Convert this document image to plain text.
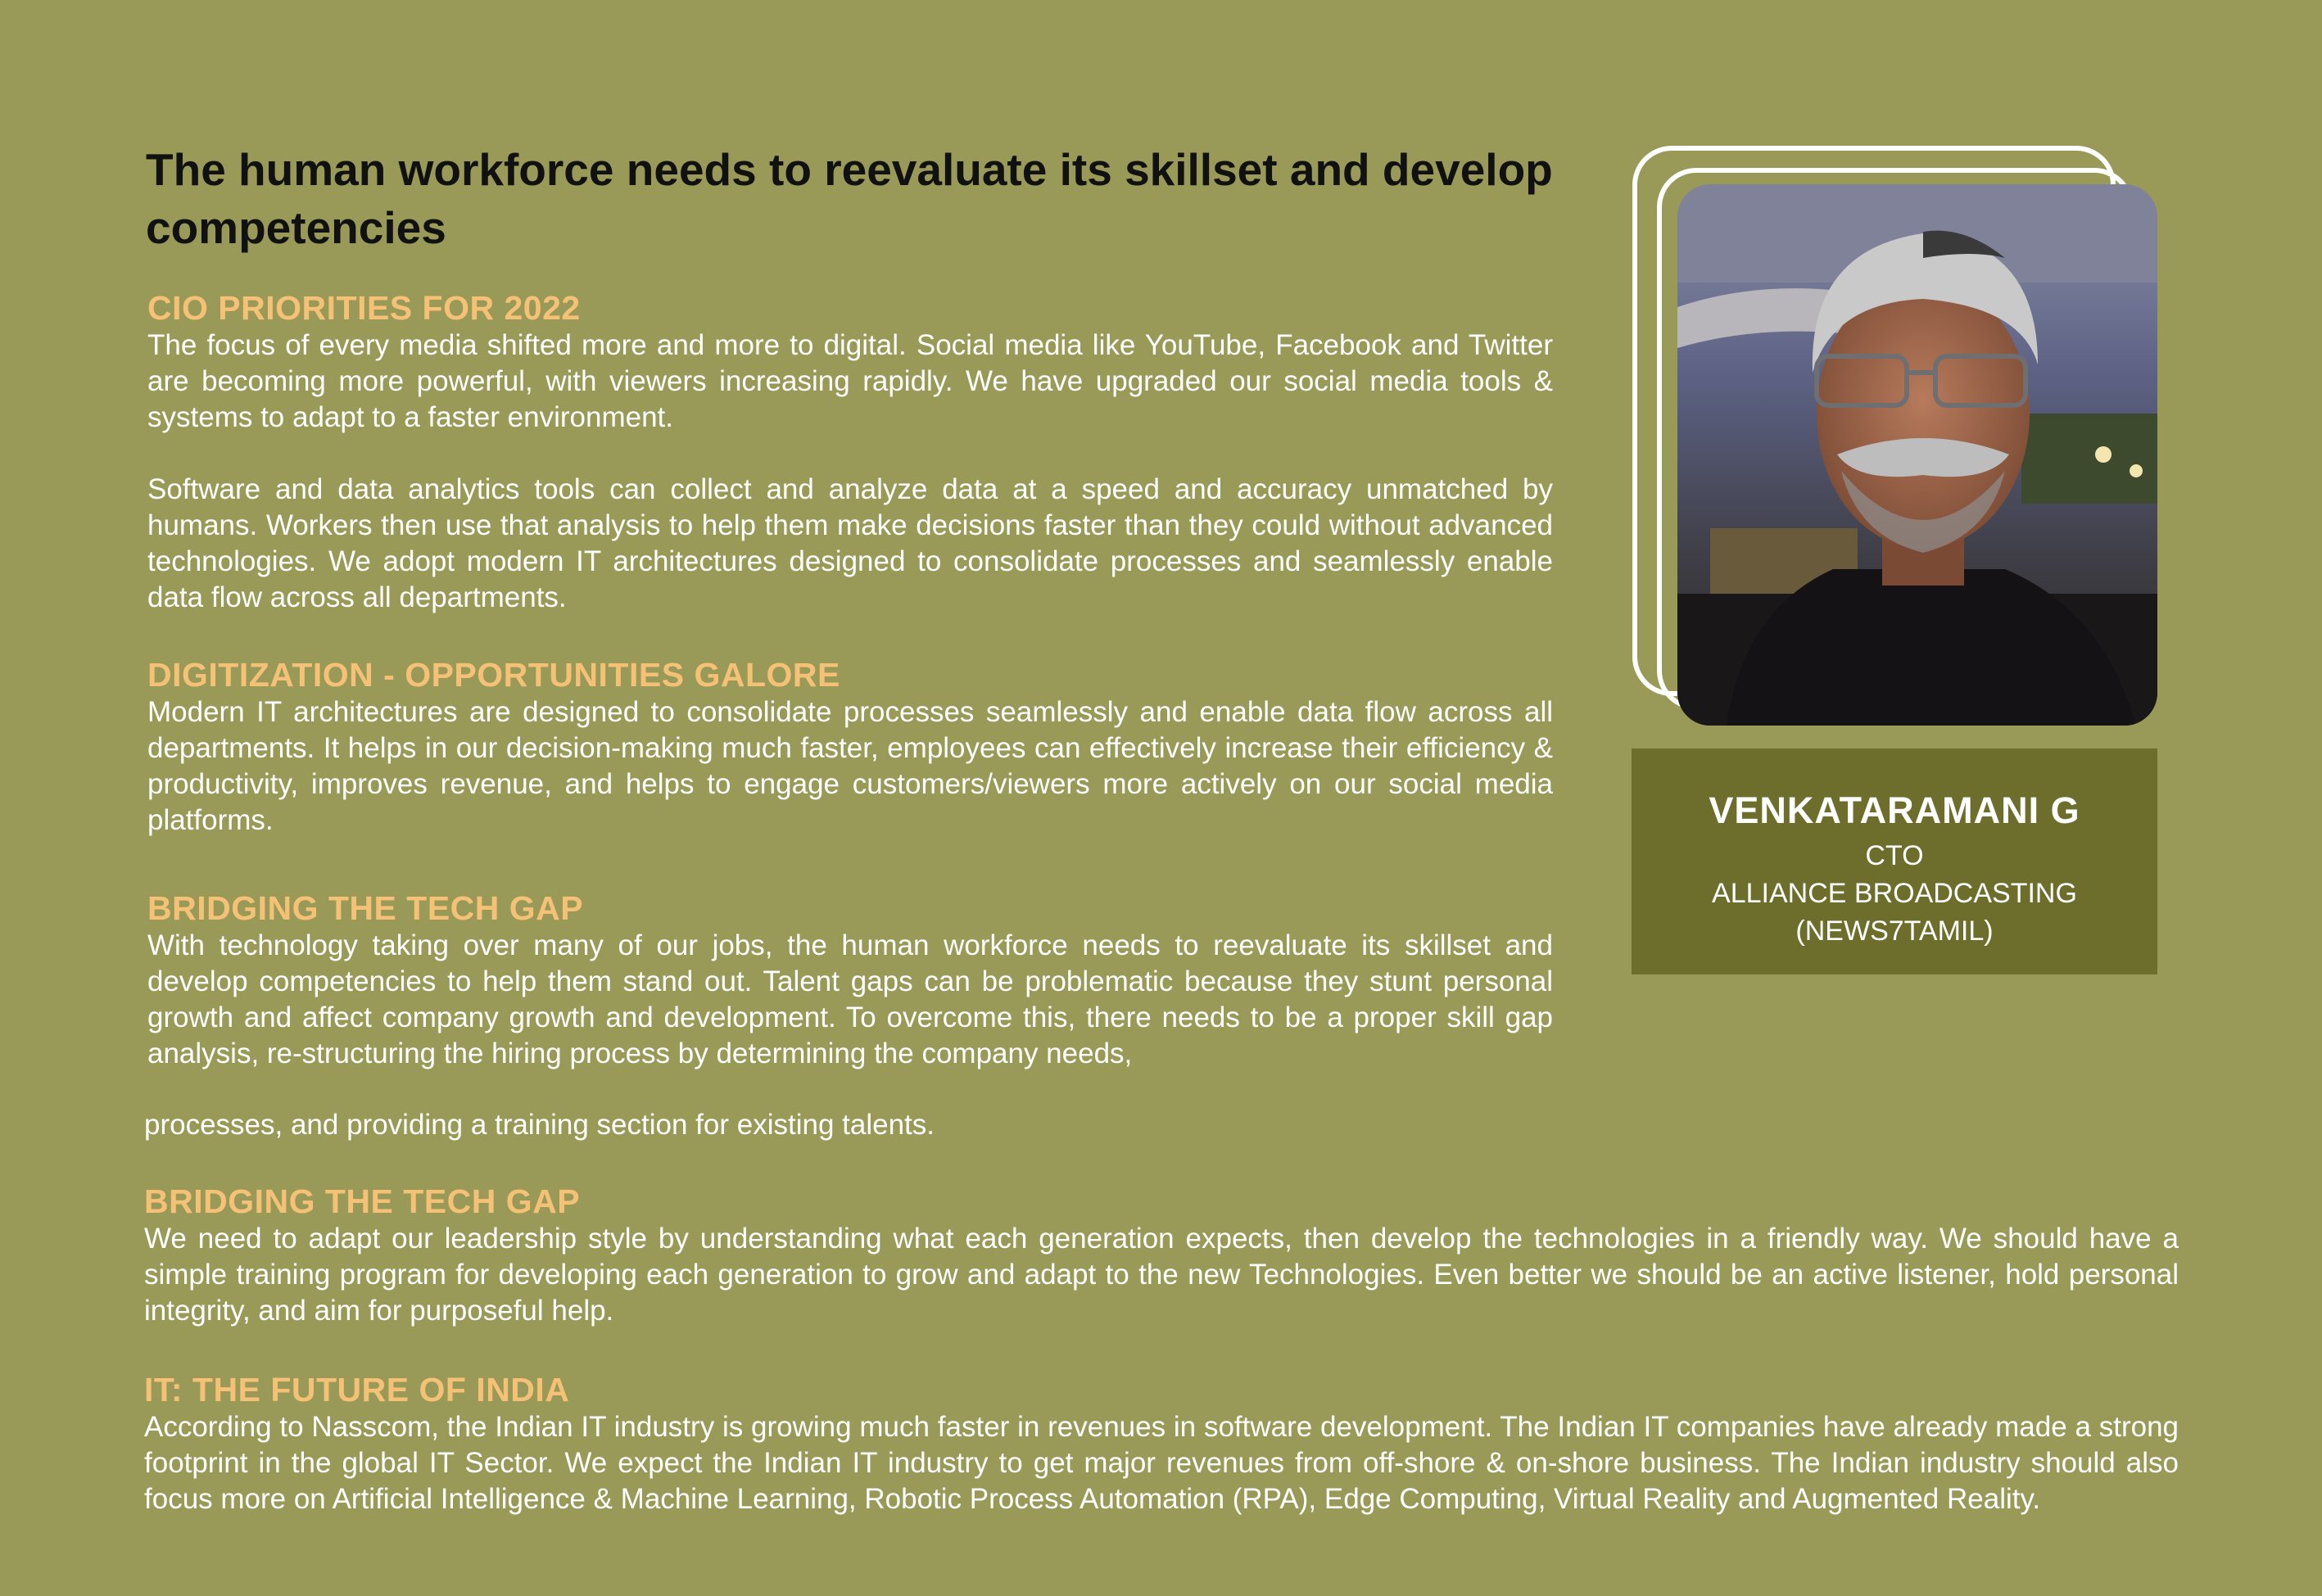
The human workforce needs to reevaluate its skillset and develop competencies
CIO PRIORITIES FOR 2022

The focus of every media shifted more and more to digital. Social media like YouTube, Facebook and Twitter are becoming more powerful, with viewers increasing rapidly. We have upgraded our social media tools & systems to adapt to a faster environment.

Software and data analytics tools can collect and analyze data at a speed and accuracy unmatched by humans. Workers then use that analysis to help them make decisions faster than they could without advanced technologies. We adopt modern IT architectures designed to consolidate processes and seamlessly enable data flow across all departments.

DIGITIZATION - OPPORTUNITIES GALORE

Modern IT architectures are designed to consolidate processes seamlessly and enable data flow across all departments. It helps in our decision-making much faster, employees can effectively increase their efficiency & productivity, improves revenue, and helps to engage customers/viewers more actively on our social media platforms.

BRIDGING THE TECH GAP

With technology taking over many of our jobs, the human workforce needs to reevaluate its skillset and develop competencies to help them stand out. Talent gaps can be problematic because they stunt personal growth and affect company growth and development. To overcome this, there needs to be a proper skill gap analysis, re-structuring the hiring process by determining the company needs,

processes, and providing a training section for existing talents.

BRIDGING THE TECH GAP

We need to adapt our leadership style by understanding what each generation expects, then develop the technologies in a friendly way. We should have a simple training program for developing each generation to grow and adapt to the new Technologies. Even better we should be an active listener, hold personal integrity, and aim for purposeful help.

IT: THE FUTURE OF INDIA

According to Nasscom, the Indian IT industry is growing much faster in revenues in software development. The Indian IT companies have already made a strong footprint in the global IT Sector. We expect the Indian IT industry to get major revenues from off-shore & on-shore business. The Indian industry should also focus more on Artificial Intelligence & Machine Learning, Robotic Process Automation (RPA), Edge Computing, Virtual Reality and Augmented Reality.

VENKATARAMANI G

CTO

ALLIANCE BROADCASTING

(NEWS7TAMIL)
